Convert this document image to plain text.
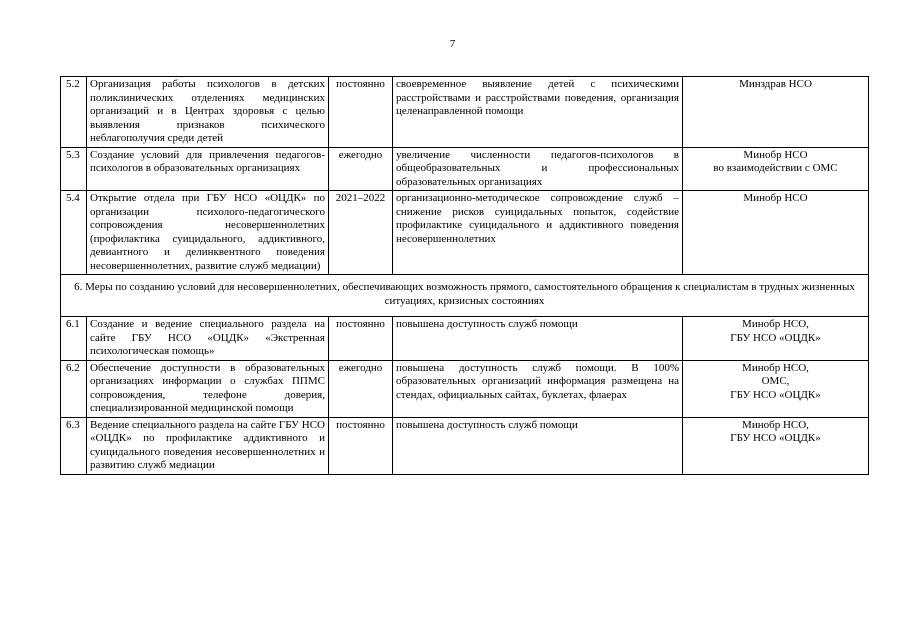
7
5.2	Организация работы психологов в детских поликлинических отделениях медицинских организаций и в Центрах здоровья с целью выявления признаков психического неблагополучия среди детей	постоянно	своевременное выявление детей с психическими расстройствами и расстройствами поведения, организация целенаправленной помощи	Минздрав НСО

5.3	Создание условий для привлечения педагогов-психологов в образовательных организациях	ежегодно	увеличение численности педагогов-психологов в общеобразовательных и профессиональных образовательных организациях	Минобр НСО
во взаимодействии с ОМС

5.4	Открытие отдела при ГБУ НСО «ОЦДК» по организации психолого-педагогического сопровождения несовершеннолетних (профилактика суицидального, аддиктивного, девиантного и делинквентного поведения несовершеннолетних, развитие служб медиации)	2021–2022	организационно-методическое сопровождение служб – снижение рисков суицидальных попыток, содействие профилактике суицидального и аддиктивного поведения несовершеннолетних	Минобр НСО

6. Меры по созданию условий для несовершеннолетних, обеспечивающих возможность прямого, самостоятельного обращения к специалистам в трудных жизненных ситуациях, кризисных состояниях				
6.1	Создание и ведение специального раздела на сайте ГБУ НСО «ОЦДК» «Экстренная психологическая помощь»	постоянно	повышена доступность служб помощи	Минобр НСО,
ГБУ НСО «ОЦДК»

6.2	Обеспечение доступности в образовательных организациях информации о службах ППМС сопровождения, телефоне доверия, специализированной медицинской помощи	ежегодно	повышена доступность служб помощи. В 100% образовательных организаций информация размещена на стендах, официальных сайтах, буклетах, флаерах	Минобр НСО,
ОМС,
ГБУ НСО «ОЦДК»

6.3	Ведение специального раздела на сайте ГБУ НСО «ОЦДК» по профилактике аддиктивного и суицидального поведения несовершеннолетних и развитию служб медиации	постоянно	повышена доступность служб помощи	Минобр НСО,
ГБУ НСО «ОЦДК»
